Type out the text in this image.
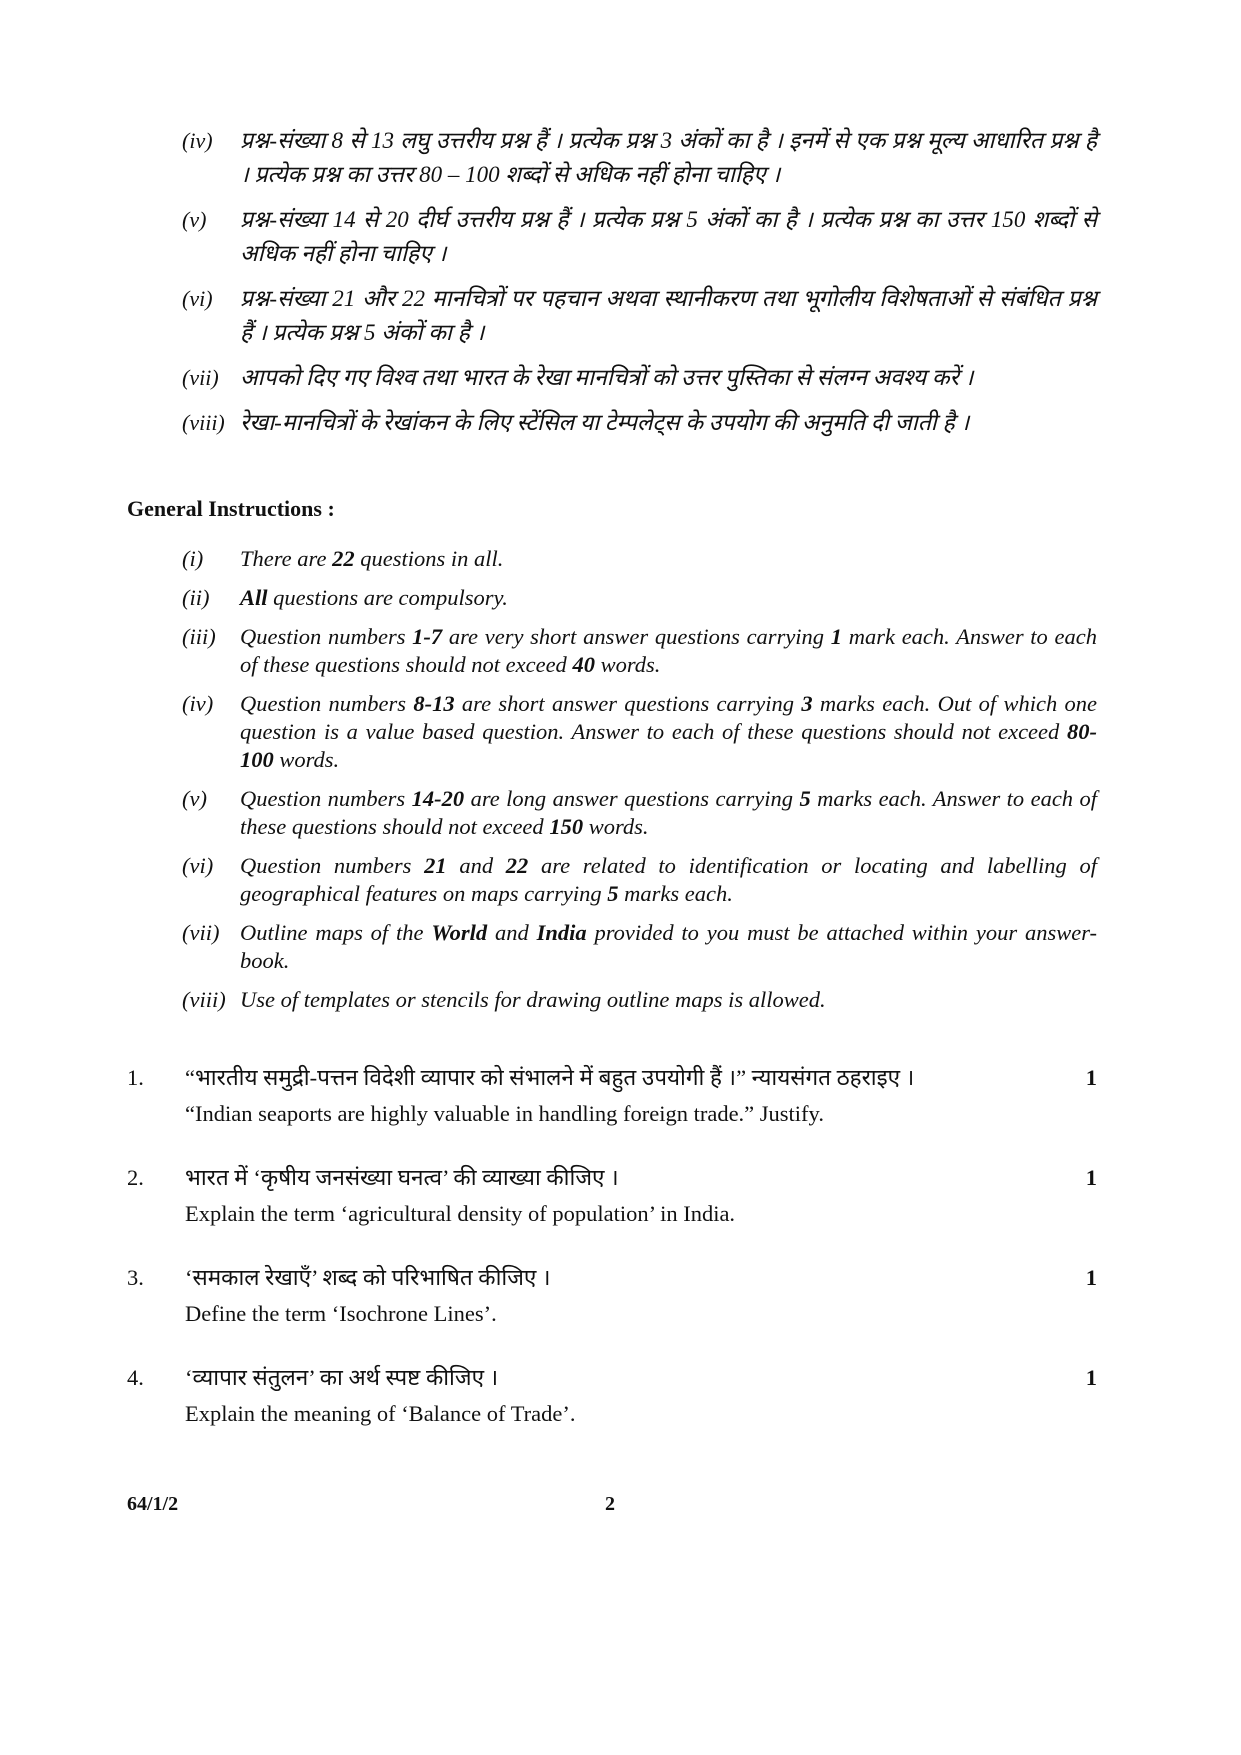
(iv)	प्रश्न-संख्या 8 से 13 लघु उत्तरीय प्रश्न हैं । प्रत्येक प्रश्न 3 अंकों का है । इनमें से एक प्रश्न मूल्य आधारित प्रश्न है । प्रत्येक प्रश्न का उत्तर 80 – 100 शब्दों से अधिक नहीं होना चाहिए ।
(v)	प्रश्न-संख्या 14 से 20 दीर्घ उत्तरीय प्रश्न हैं । प्रत्येक प्रश्न 5 अंकों का है । प्रत्येक प्रश्न का उत्तर 150 शब्दों से अधिक नहीं होना चाहिए ।
(vi)	प्रश्न-संख्या 21 और 22 मानचित्रों पर पहचान अथवा स्थानीकरण तथा भूगोलीय विशेषताओं से संबंधित प्रश्न हैं । प्रत्येक प्रश्न 5 अंकों का है ।
(vii) आपको दिए गए विश्व तथा भारत के रेखा मानचित्रों को उत्तर पुस्तिका से संलग्न अवश्य करें ।
(viii) रेखा-मानचित्रों के रेखांकन के लिए स्टेंसिल या टेम्पलेट्स के उपयोग की अनुमति दी जाती है ।
General Instructions :
(i)	There are 22 questions in all.
(ii)	All questions are compulsory.
(iii)	Question numbers 1-7 are very short answer questions carrying 1 mark each. Answer to each of these questions should not exceed 40 words.
(iv)	Question numbers 8-13 are short answer questions carrying 3 marks each. Out of which one question is a value based question. Answer to each of these questions should not exceed 80-100 words.
(v)	Question numbers 14-20 are long answer questions carrying 5 marks each. Answer to each of these questions should not exceed 150 words.
(vi)	Question numbers 21 and 22 are related to identification or locating and labelling of geographical features on maps carrying 5 marks each.
(vii) Outline maps of the World and India provided to you must be attached within your answer-book.
(viii) Use of templates or stencils for drawing outline maps is allowed.
1.	“भारतीय समुद्री-पत्तन विदेशी व्यापार को संभालने में बहुत उपयोगी हैं ।” न्यायसंगत ठहराइए ।	1
“Indian seaports are highly valuable in handling foreign trade.” Justify.
2.	भारत में ‘कृषीय जनसंख्या घनत्व’ की व्याख्या कीजिए ।	1
Explain the term ‘agricultural density of population’ in India.
3.	‘समकाल रेखाएँ’ शब्द को परिभाषित कीजिए ।	1
Define the term ‘Isochrone Lines’.
4.	‘व्यापार संतुलन’ का अर्थ स्पष्ट कीजिए ।	1
Explain the meaning of ‘Balance of Trade’.
64/1/2	2
